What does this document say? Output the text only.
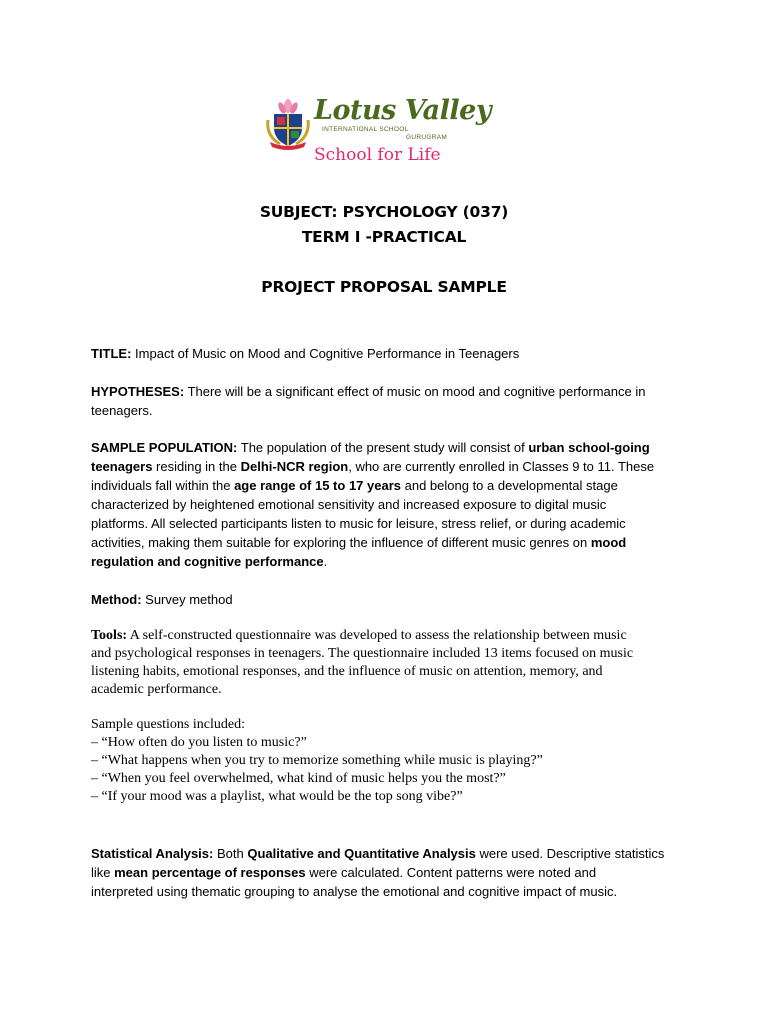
Lotus Valley
INTERNATIONAL SCHOOL
GURUGRAM
School for Life
SUBJECT: PSYCHOLOGY (037)
TERM I -PRACTICAL
PROJECT PROPOSAL SAMPLE
TITLE: Impact of Music on Mood and Cognitive Performance in Teenagers
HYPOTHESES: There will be a significant effect of music on mood and cognitive performance in
teenagers.
SAMPLE POPULATION: The population of the present study will consist of urban school-going
teenagers residing in the Delhi-NCR region, who are currently enrolled in Classes 9 to 11. These
individuals fall within the age range of 15 to 17 years and belong to a developmental stage
characterized by heightened emotional sensitivity and increased exposure to digital music
platforms. All selected participants listen to music for leisure, stress relief, or during academic
activities, making them suitable for exploring the influence of different music genres on mood
regulation and cognitive performance.
Method: Survey method
Tools: A self-constructed questionnaire was developed to assess the relationship between music
and psychological responses in teenagers. The questionnaire included 13 items focused on music
listening habits, emotional responses, and the influence of music on attention, memory, and
academic performance.
Sample questions included:
– “How often do you listen to music?”
– “What happens when you try to memorize something while music is playing?”
– “When you feel overwhelmed, what kind of music helps you the most?”
– “If your mood was a playlist, what would be the top song vibe?”
Statistical Analysis: Both Qualitative and Quantitative Analysis were used. Descriptive statistics
like mean percentage of responses were calculated. Content patterns were noted and
interpreted using thematic grouping to analyse the emotional and cognitive impact of music.
